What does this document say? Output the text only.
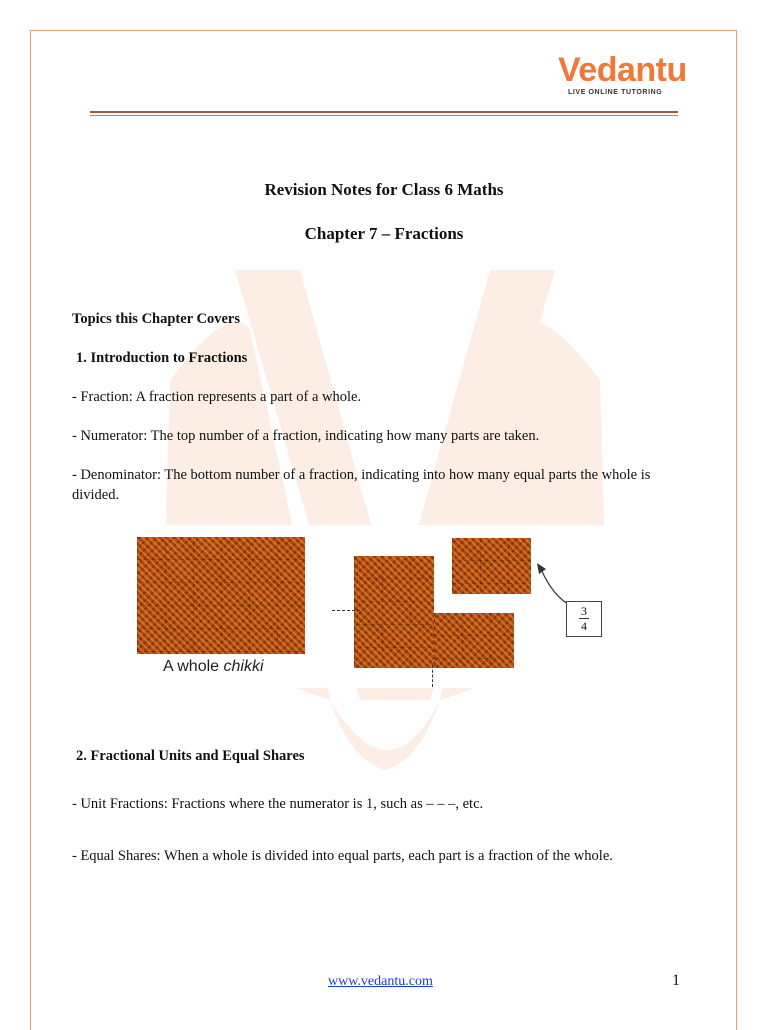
Vedantu
LIVE ONLINE TUTORING
Revision Notes for Class 6 Maths
Chapter 7 – Fractions
Topics this Chapter Covers
1. Introduction to Fractions
- Fraction: A fraction represents a part of a whole.
- Numerator: The top number of a fraction, indicating how many parts are taken.
- Denominator: The bottom number of a fraction, indicating into how many equal parts the whole is divided.
A whole chikki
3
4
2. Fractional Units and Equal Shares
- Unit Fractions: Fractions where the numerator is 1, such as – – –, etc.
- Equal Shares: When a whole is divided into equal parts, each part is a fraction of the whole.
www.vedantu.com	1
